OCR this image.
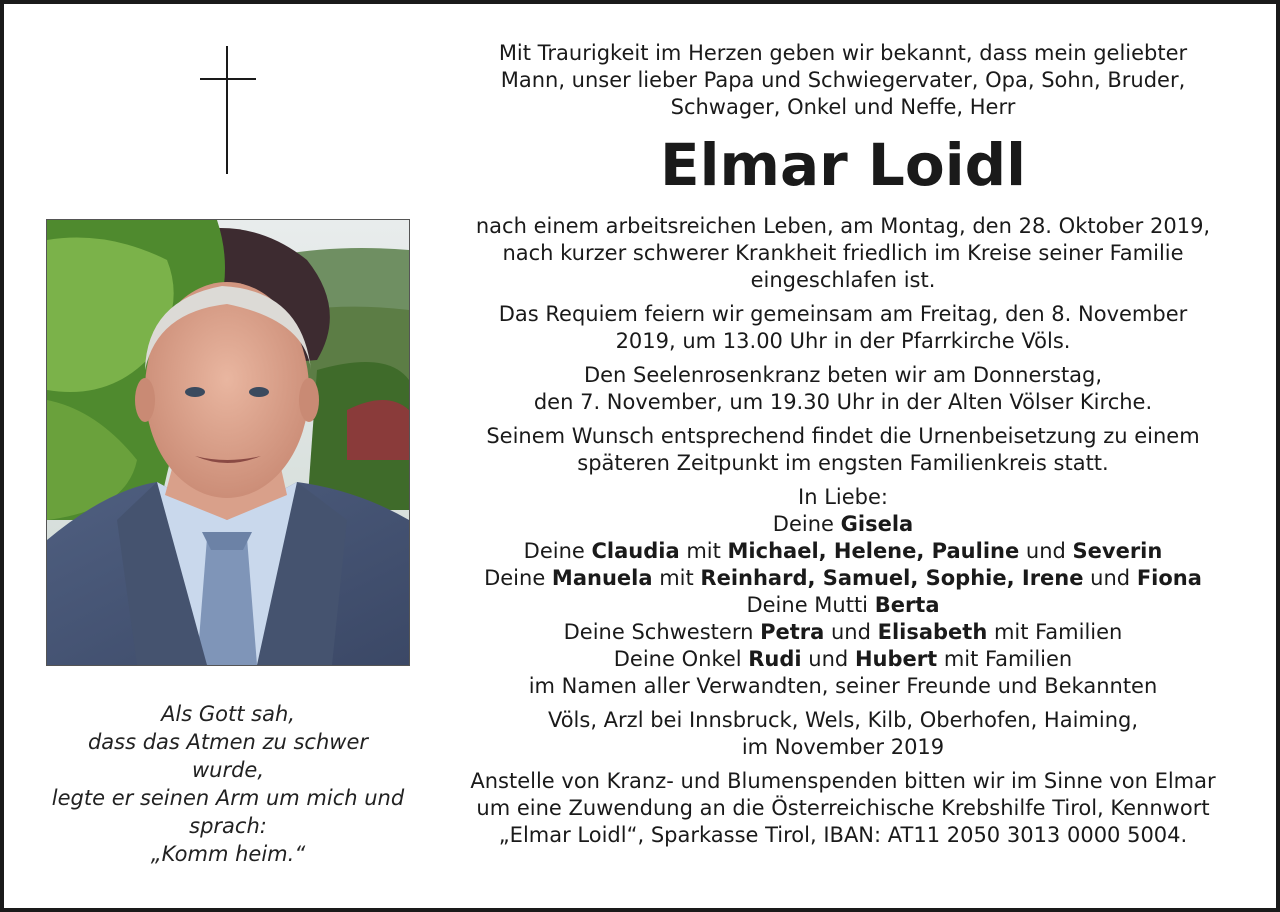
Als Gott sah,
dass das Atmen zu schwer
wurde,
legte er seinen Arm um mich und
sprach:
„Komm heim.“
Mit Traurigkeit im Herzen geben wir bekannt, dass mein geliebter
Mann, unser lieber Papa und Schwiegervater, Opa, Sohn, Bruder,
Schwager, Onkel und Neffe, Herr
Elmar Loidl
nach einem arbeitsreichen Leben, am Montag, den 28. Oktober 2019,
nach kurzer schwerer Krankheit friedlich im Kreise seiner Familie
eingeschlafen ist.
Das Requiem feiern wir gemeinsam am Freitag, den 8. November
2019, um 13.00 Uhr in der Pfarrkirche Völs.
Den Seelenrosenkranz beten wir am Donnerstag,
den 7. November, um 19.30 Uhr in der Alten Völser Kirche.
Seinem Wunsch entsprechend findet die Urnenbeisetzung zu einem
späteren Zeitpunkt im engsten Familienkreis statt.
In Liebe:
Deine Gisela
Deine Claudia mit Michael, Helene, Pauline und Severin
Deine Manuela mit Reinhard, Samuel, Sophie, Irene und Fiona
Deine Mutti Berta
Deine Schwestern Petra und Elisabeth mit Familien
Deine Onkel Rudi und Hubert mit Familien
im Namen aller Verwandten, seiner Freunde und Bekannten
Völs, Arzl bei Innsbruck, Wels, Kilb, Oberhofen, Haiming,
im November 2019
Anstelle von Kranz- und Blumenspenden bitten wir im Sinne von Elmar
um eine Zuwendung an die Österreichische Krebshilfe Tirol, Kennwort
„Elmar Loidl“, Sparkasse Tirol, IBAN: AT11 2050 3013 0000 5004.
